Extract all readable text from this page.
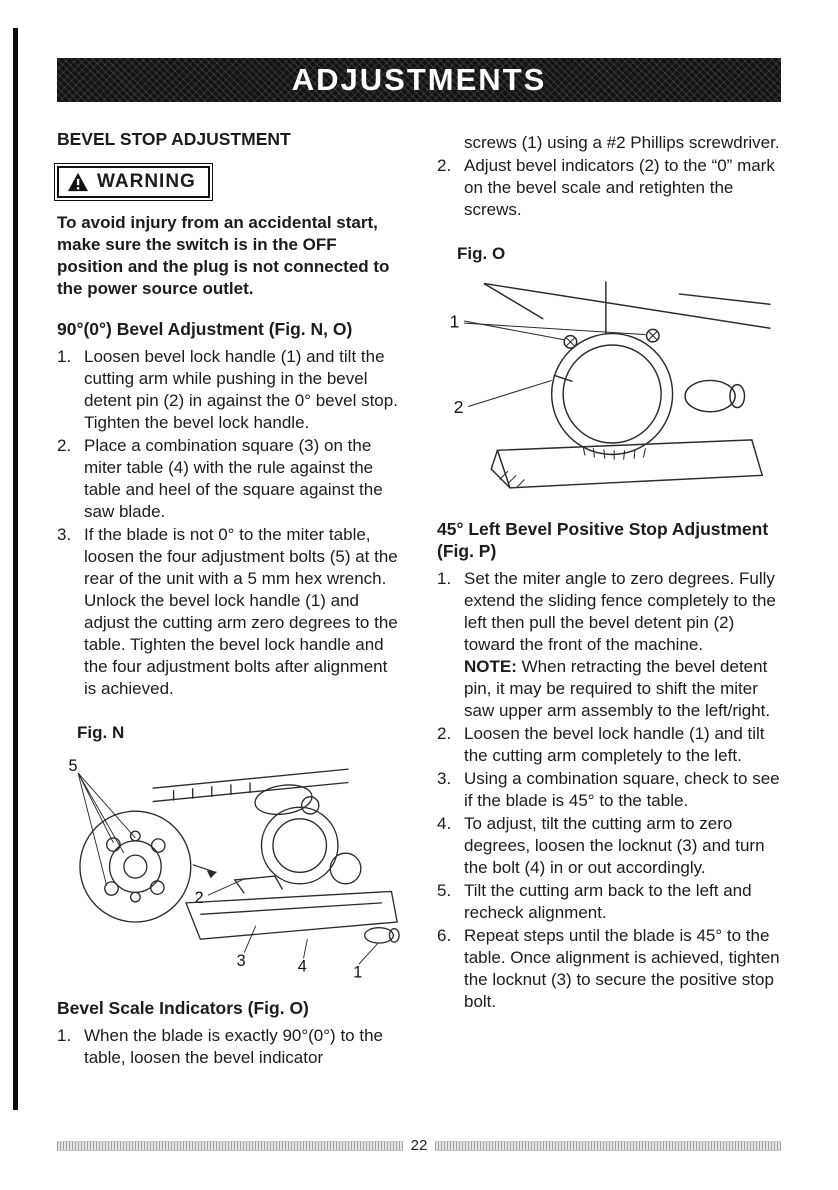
ADJUSTMENTS
BEVEL STOP ADJUSTMENT
WARNING

To avoid injury from an accidental start, make sure the switch is in the OFF position and the plug is not connected to the power source outlet.

90°(0°) Bevel Adjustment (Fig. N, O)
1. Loosen bevel lock handle (1) and tilt the cutting arm while pushing in the bevel detent pin (2) in against the 0° bevel stop. Tighten the bevel lock handle.
2. Place a combination square (3) on the miter table (4) with the rule against the table and heel of the square against the saw blade.
3. If the blade is not 0° to the miter table, loosen the four adjustment bolts (5) at the rear of the unit with a 5 mm hex wrench. Unlock the bevel lock handle (1) and adjust the cutting arm zero degrees to the table. Tighten the bevel lock handle and the four adjustment bolts after alignment is achieved.
Fig. N
5
2
3	4	1
Bevel Scale Indicators (Fig. O)
1. When the blade is exactly 90°(0°) to the table, loosen the bevel indicator
screws (1) using a #2 Phillips screwdriver.
2. Adjust bevel indicators (2) to the “0” mark on the bevel scale and retighten the screws.
Fig. O
1
2
45° Left Bevel Positive Stop Adjustment (Fig. P)
1. Set the miter angle to zero degrees. Fully extend the sliding fence completely to the left then pull the bevel detent pin (2) toward the front of the machine.
NOTE: When retracting the bevel detent pin, it may be required to shift the miter saw upper arm assembly to the left/right.
2. Loosen the bevel lock handle (1) and tilt the cutting arm completely to the left.
3. Using a combination square, check to see if the blade is 45° to the table.
4. To adjust, tilt the cutting arm to zero degrees, loosen the locknut (3) and turn the bolt (4) in or out accordingly.
5. Tilt the cutting arm back to the left and recheck alignment.
6. Repeat steps until the blade is 45° to the table. Once alignment is achieved, tighten the locknut (3) to secure the positive stop bolt.
22
